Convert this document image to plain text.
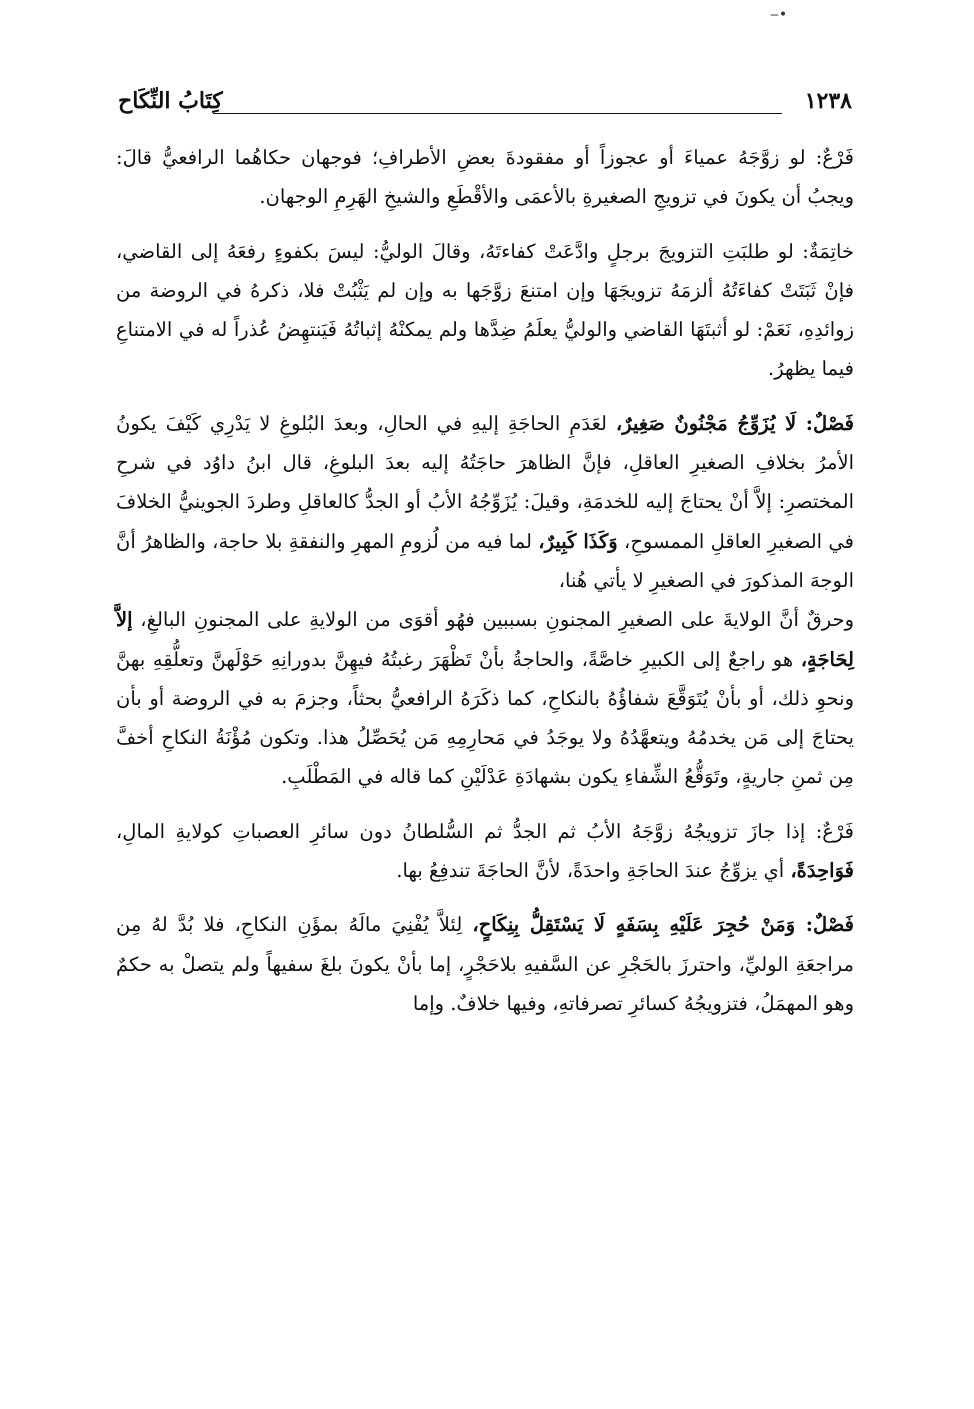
•‒
١٢٣٨
كِتَابُ النِّكَاح

فَرْعٌ: لو زوَّجَهُ عمياءَ أو عجوزاً أو مفقودةَ بعضِ الأطرافِ؛ فوجهان حكاهُما الرافعيُّ قالَ: ويجبُ أن يكونَ في تزويجِ الصغيرةِ بالأعمَى والأقْطَعِ والشيخِ الهَرِمِ الوجهان.

خاتِمَةٌ: لو طلبَتِ التزويجَ برجلٍ وادَّعَتْ كفاءتَهُ، وقالَ الوليُّ: ليسَ بكفوءٍ رفعَهُ إلى القاضي، فإنْ ثَبَتَتْ كفاءَتُهُ ألزمَهُ تزويجَهَا وإن امتنعَ زوَّجَها به وإن لم يَثْبُتْ فلا، ذكرهُ في الروضة من زوائدِهِ، نَعَمْ: لو أثبتَهَا القاضي والوليُّ يعلَمُ ضِدَّها ولم يمكنْهُ إثباتُهُ فَيَنتهِضُ عُذراً له في الامتناعِ فيما يظهرُ.

فَصْلٌ: لَا يُزَوِّجُ مَجْنُونٌ صَغِيرٌ، لعَدَمِ الحاجَةِ إليهِ في الحالِ، وبعدَ البُلوغِ لا يَدْرِي كَيْفَ يكونُ الأمرُ بخلافِ الصغيرِ العاقلِ، فإنَّ الظاهرَ حاجَتُهُ إليه بعدَ البلوغِ، قال ابنُ داوُد في شرحِ المختصرِ: إلاَّ أنْ يحتاجَ إليه للخدمَةِ، وقيلَ: يُزَوِّجُهُ الأبُ أو الجدُّ كالعاقلِ وطردَ الجوينيُّ الخلافَ في الصغيرِ العاقلِ الممسوحِ، وَكَذَا كَبِيرٌ، لما فيه من لُزومِ المهرِ والنفقةِ بلا حاجة، والظاهرُ أنَّ الوجهَ المذكورَ في الصغيرِ لا يأتي هُنا،
وحرقٌ أنَّ الولايةَ على الصغيرِ المجنونِ بسببين فهُو أقوَى من الولايةِ على المجنونِ البالغِ، إلاَّ لِحَاجَةٍ، هو راجعٌ إلى الكبيرِ خاصَّةً، والحاجةُ بأنْ تَظْهَرَ رغبتُهُ فيهِنَّ بدورانِهِ حَوْلَهنَّ وتعلُّقِهِ بهنَّ ونحوِ ذلك، أو بأنْ يُتَوَقَّعَ شفاؤُهُ بالنكاحِ، كما ذكَرَهُ الرافعيُّ بحثاً، وجزمَ به في الروضة أو بأن يحتاجَ إلى مَن يخدمُهُ ويتعهَّدُهُ ولا يوجَدُ في مَحارِمِهِ مَن يُحَصِّلُ هذا. وتكون مُؤْنَةُ النكاحِ أخفَّ مِن ثمنِ جاريةٍ، وتَوَقُّعُ الشِّفاءِ يكون بشهادَةِ عَدْلَيْنِ كما قاله في المَطْلَبِ.

فَرْعٌ: إذا جازَ تزويجُهُ زوَّجَهُ الأبُ ثم الجدُّ ثم السُّلطانُ دون سائرِ العصباتِ كولايةِ المالِ، فَوَاحِدَةً، أي يزوِّجُ عندَ الحاجَةِ واحدَةً، لأنَّ الحاجَةَ تندفِعُ بها.

فَصْلٌ: وَمَنْ حُجِرَ عَلَيْهِ بِسَفَهٍ لَا يَسْتَقِلُّ بِنِكَاحٍ، لِئلاَّ يُفْنِيَ مالَهُ بمؤَنِ النكاحِ، فلا بُدَّ لهُ مِن مراجعَةِ الوليِّ، واحترزَ بالحَجْرِ عن السَّفيهِ بلاحَجْرٍ، إما بأنْ يكونَ بلغَ سفيهاً ولم يتصلْ به حكمٌ وهو المهمَلُ، فتزويجُهُ كسائرِ تصرفاتهِ، وفيها خلافٌ. وإما
